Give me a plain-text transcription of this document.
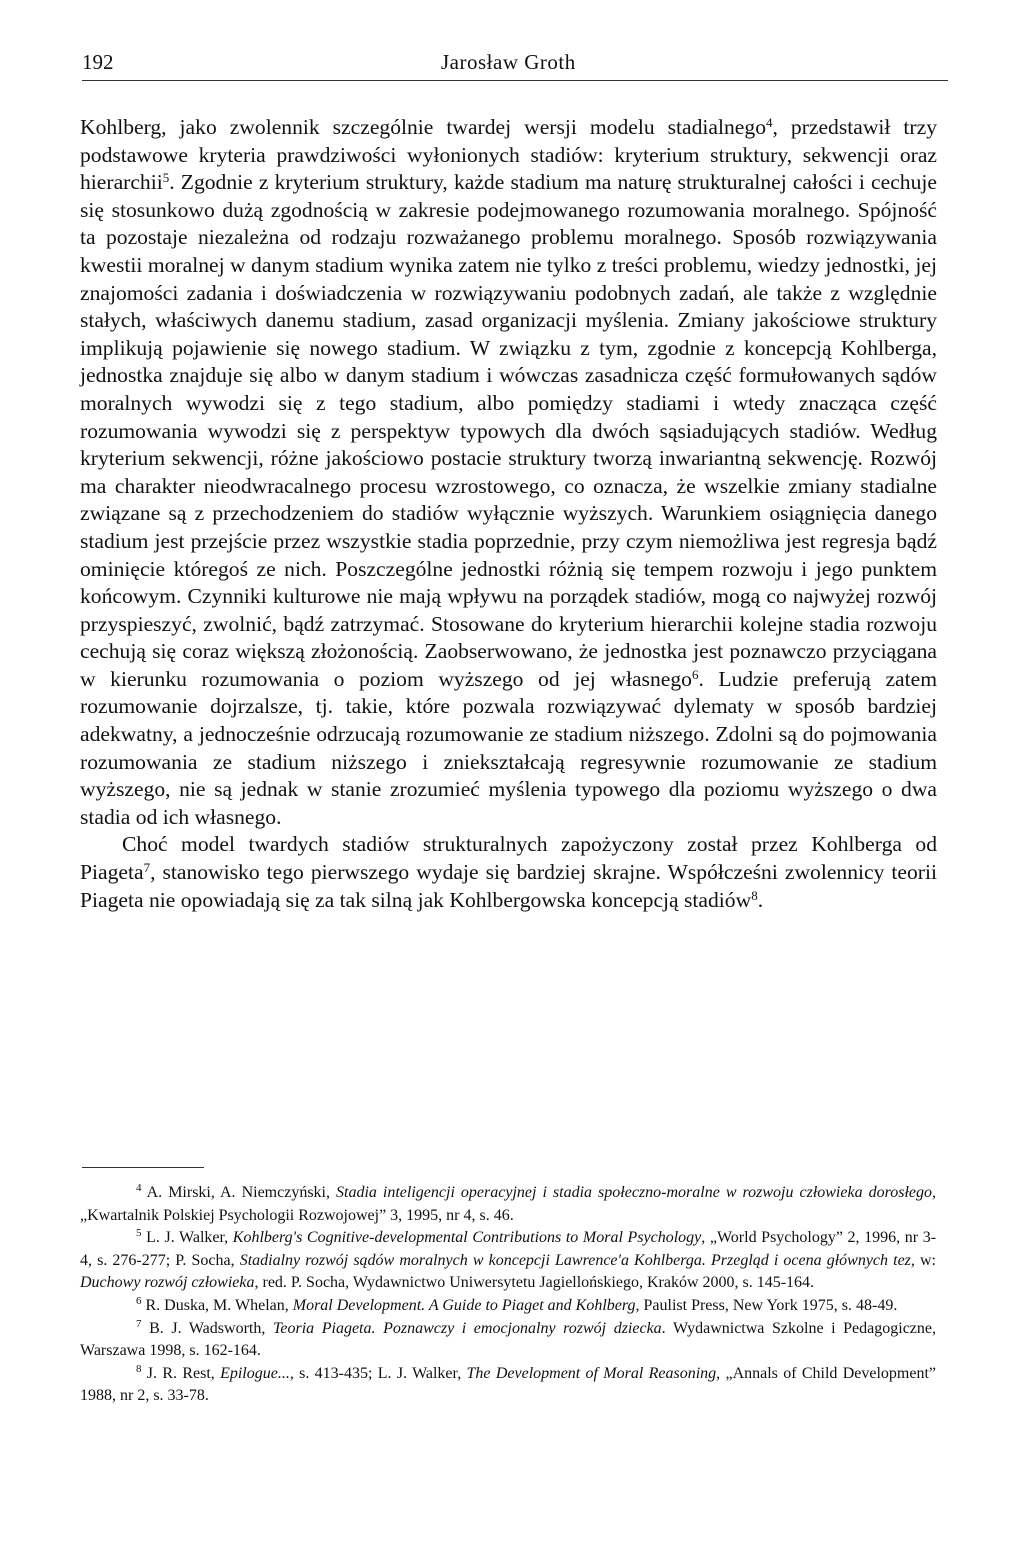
192	Jarosław Groth

Kohlberg, jako zwolennik szczególnie twardej wersji modelu stadialnego$^4$, przedstawił trzy podstawowe kryteria prawdziwości wyłonionych stadiów: kryterium struktury, sekwencji oraz hierarchii$^5$. Zgodnie z kryterium struktury, każde stadium ma naturę strukturalnej całości i cechuje się stosunkowo dużą zgodnością w zakresie podejmowanego rozumowania moralnego. Spójność ta pozostaje niezależna od rodzaju rozważanego problemu moralnego. Sposób rozwiązywania kwestii moralnej w danym stadium wynika zatem nie tylko z treści problemu, wiedzy jednostki, jej znajomości zadania i doświadczenia w rozwiązywaniu podobnych zadań, ale także z względnie stałych, właściwych danemu stadium, zasad organizacji myślenia. Zmiany jakościowe struktury implikują pojawienie się nowego stadium. W związku z tym, zgodnie z koncepcją Kohlberga, jednostka znajduje się albo w danym stadium i wówczas zasadnicza część formułowanych sądów moralnych wywodzi się z tego stadium, albo pomiędzy stadiami i wtedy znacząca część rozumowania wywodzi się z perspektyw typowych dla dwóch sąsiadujących stadiów. Według kryterium sekwencji, różne jakościowo postacie struktury tworzą inwariantną sekwencję. Rozwój ma charakter nieodwracalnego procesu wzrostowego, co oznacza, że wszelkie zmiany stadialne związane są z przechodzeniem do stadiów wyłącznie wyższych. Warunkiem osiągnięcia danego stadium jest przejście przez wszystkie stadia poprzednie, przy czym niemożliwa jest regresja bądź ominięcie któregoś ze nich. Poszczególne jednostki różnią się tempem rozwoju i jego punktem końcowym. Czynniki kulturowe nie mają wpływu na porządek stadiów, mogą co najwyżej rozwój przyspieszyć, zwolnić, bądź zatrzymać. Stosowane do kryterium hierarchii kolejne stadia rozwoju cechują się coraz większą złożonością. Zaobserwowano, że jednostka jest poznawczo przyciągana w kierunku rozumowania o poziom wyższego od jej własnego$^6$. Ludzie preferują zatem rozumowanie dojrzalsze, tj. takie, które pozwala rozwiązywać dylematy w sposób bardziej adekwatny, a jednocześnie odrzucają rozumowanie ze stadium niższego. Zdolni są do pojmowania rozumowania ze stadium niższego i zniekształcają regresywnie rozumowanie ze stadium wyższego, nie są jednak w stanie zrozumieć myślenia typowego dla poziomu wyższego o dwa stadia od ich własnego.

Choć model twardych stadiów strukturalnych zapożyczony został przez Kohlberga od Piageta$^7$, stanowisko tego pierwszego wydaje się bardziej skrajne. Współcześni zwolennicy teorii Piageta nie opowiadają się za tak silną jak Kohlbergowska koncepcją stadiów$^8$.

$^4$ A. Mirski, A. Niemczyński, Stadia inteligencji operacyjnej i stadia społeczno-moralne w rozwoju człowieka dorosłego, „Kwartalnik Polskiej Psychologii Rozwojowej” 3, 1995, nr 4, s. 46.

$^5$ L. J. Walker, Kohlberg's Cognitive-developmental Contributions to Moral Psychology, „World Psychology” 2, 1996, nr 3-4, s. 276-277; P. Socha, Stadialny rozwój sądów moralnych w koncepcji Lawrence'a Kohlberga. Przegląd i ocena głównych tez, w: Duchowy rozwój człowieka, red. P. Socha, Wydawnictwo Uniwersytetu Jagiellońskiego, Kraków 2000, s. 145-164.

$^6$ R. Duska, M. Whelan, Moral Development. A Guide to Piaget and Kohlberg, Paulist Press, New York 1975, s. 48-49.

$^7$ B. J. Wadsworth, Teoria Piageta. Poznawczy i emocjonalny rozwój dziecka. Wydawnictwa Szkolne i Pedagogiczne, Warszawa 1998, s. 162-164.

$^8$ J. R. Rest, Epilogue..., s. 413-435; L. J. Walker, The Development of Moral Reasoning, „Annals of Child Development” 1988, nr 2, s. 33-78.
